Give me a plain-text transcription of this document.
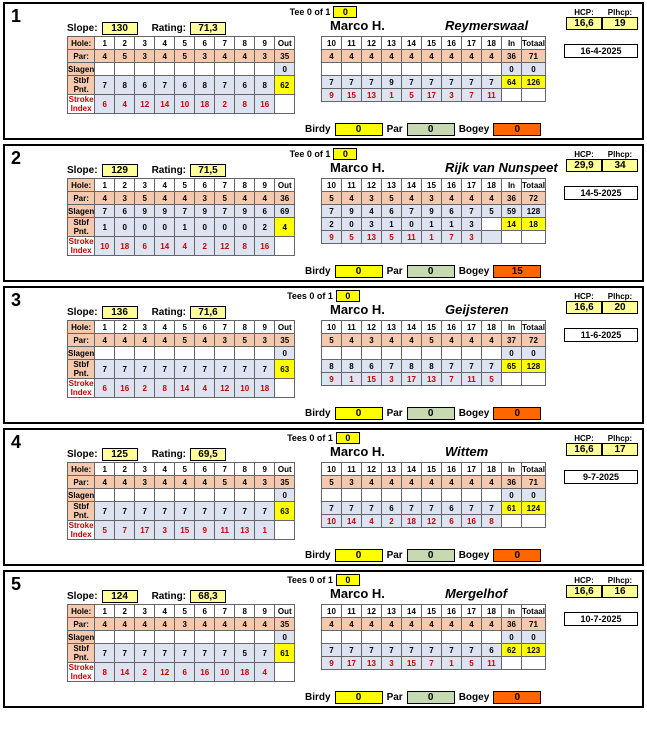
1	Tee 0 of 1 0
Slope: 130 Rating: 71,3	Marco H.	Reymerswaal
HCP:	Plhcp:
16,6	19
16-4-2025
Hole:	1	2	3	4	5	6	7	8	9	Out
Par:	4	5	3	4	5	3	4	4	3	35
Slagen										0
Stbf Pnt.	7	8	6	7	6	8	7	6	8	62
Stroke Index	6	4	12	14	10	18	2	8	16	
10	11	12	13	14	15	16	17	18	In	Totaal
4	4	4	4	4	4	4	4	4	36	71
									0	0
7	7	7	9	7	7	7	7	7	64	126
9	15	13	1	5	17	3	7	11		
Birdy	0	Par	0	Bogey	0
2	Tee 0 of 1 0
Slope: 129 Rating: 71,5	Marco H.	Rijk van Nunspeet
HCP:	Plhcp:
29,9	34
14-5-2025
Hole:	1	2	3	4	5	6	7	8	9	Out
Par:	4	3	5	4	4	3	5	4	4	36
Slagen	7	6	9	9	7	9	7	9	6	69
Stbf Pnt.	1	0	0	0	1	0	0	0	2	4
Stroke Index	10	18	6	14	4	2	12	8	16	
10	11	12	13	14	15	16	17	18	In	Totaal
5	4	3	5	4	3	4	4	4	36	72
7	9	4	6	7	9	6	7	5	59	128
2	0	3	1	0	1	1	3		14	18
9	5	13	5	11	1	7	3			
Birdy	0	Par	0	Bogey	15
3	Tees 0 of 1 0
Slope: 136 Rating: 71,6	Marco H.	Geijsteren
HCP:	Plhcp:
16,6	20
11-6-2025
Hole:	1	2	3	4	5	6	7	8	9	Out
Par:	4	4	4	4	5	4	3	5	3	35
Slagen										0
Stbf Pnt.	7	7	7	7	7	7	7	7	7	63
Stroke Index	6	16	2	8	14	4	12	10	18	
10	11	12	13	14	15	16	17	18	In	Totaal
5	4	3	4	4	5	4	4	4	37	72
									0	0
8	8	6	7	8	8	7	7	7	65	128
9	1	15	3	17	13	7	11	5		
Birdy	0	Par	0	Bogey	0
4	Tees 0 of 1 0
Slope: 125 Rating: 69,5	Marco H.	Wittem
HCP:	Plhcp:
16,6	17
9-7-2025
Hole:	1	2	3	4	5	6	7	8	9	Out
Par:	4	4	3	4	4	4	5	4	3	35
Slagen										0
Stbf Pnt.	7	7	7	7	7	7	7	7	7	63
Stroke Index	5	7	17	3	15	9	11	13	1	
10	11	12	13	14	15	16	17	18	In	Totaal
5	3	4	4	4	4	4	4	4	36	71
									0	0
7	7	7	6	7	7	6	7	7	61	124
10	14	4	2	18	12	6	16	8		
Birdy	0	Par	0	Bogey	0
5	Tees 0 of 1 0
Slope: 124 Rating: 68,3	Marco H.	Mergelhof
HCP:	Plhcp:
16,6	16
10-7-2025
Hole:	1	2	3	4	5	6	7	8	9	Out
Par:	4	4	4	4	3	4	4	4	4	35
Slagen										0
Stbf Pnt.	7	7	7	7	7	7	7	5	7	61
Stroke Index	8	14	2	12	6	16	10	18	4	
10	11	12	13	14	15	16	17	18	In	Totaal
4	4	4	4	4	4	4	4	4	36	71
									0	0
7	7	7	7	7	7	7	7	6	62	123
9	17	13	3	15	7	1	5	11		
Birdy	0	Par	0	Bogey	0
